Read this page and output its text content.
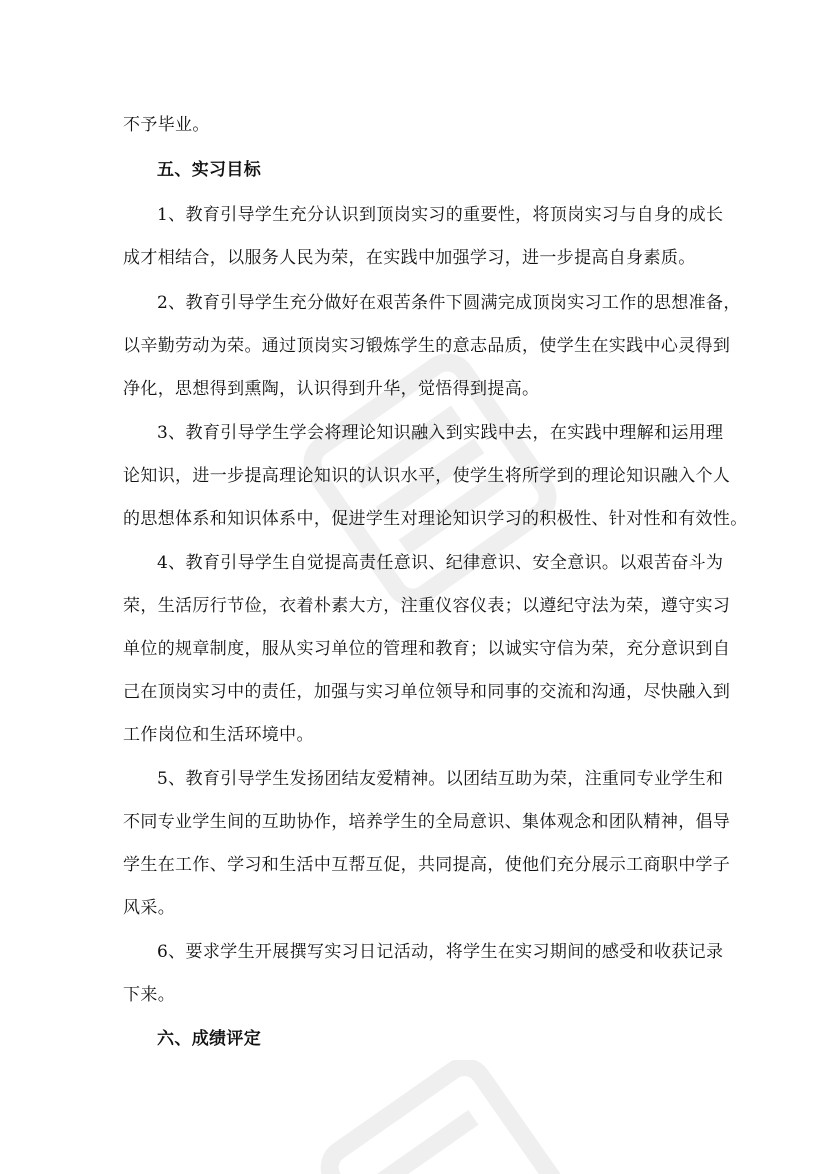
不予毕业。
五、实习目标
1、教育引导学生充分认识到顶岗实习的重要性，将顶岗实习与自身的成长
成才相结合，以服务人民为荣，在实践中加强学习，进一步提高自身素质。
2、教育引导学生充分做好在艰苦条件下圆满完成顶岗实习工作的思想准备，
以辛勤劳动为荣。通过顶岗实习锻炼学生的意志品质，使学生在实践中心灵得到
净化，思想得到熏陶，认识得到升华，觉悟得到提高。
3、教育引导学生学会将理论知识融入到实践中去，在实践中理解和运用理
论知识，进一步提高理论知识的认识水平，使学生将所学到的理论知识融入个人
的思想体系和知识体系中，促进学生对理论知识学习的积极性、针对性和有效性。
4、教育引导学生自觉提高责任意识、纪律意识、安全意识。以艰苦奋斗为
荣，生活厉行节俭，衣着朴素大方，注重仪容仪表；以遵纪守法为荣，遵守实习
单位的规章制度，服从实习单位的管理和教育；以诚实守信为荣，充分意识到自
己在顶岗实习中的责任，加强与实习单位领导和同事的交流和沟通，尽快融入到
工作岗位和生活环境中。
5、教育引导学生发扬团结友爱精神。以团结互助为荣，注重同专业学生和
不同专业学生间的互助协作，培养学生的全局意识、集体观念和团队精神，倡导
学生在工作、学习和生活中互帮互促，共同提高，使他们充分展示工商职中学子
风采。
6、要求学生开展撰写实习日记活动，将学生在实习期间的感受和收获记录
下来。
六、成绩评定
